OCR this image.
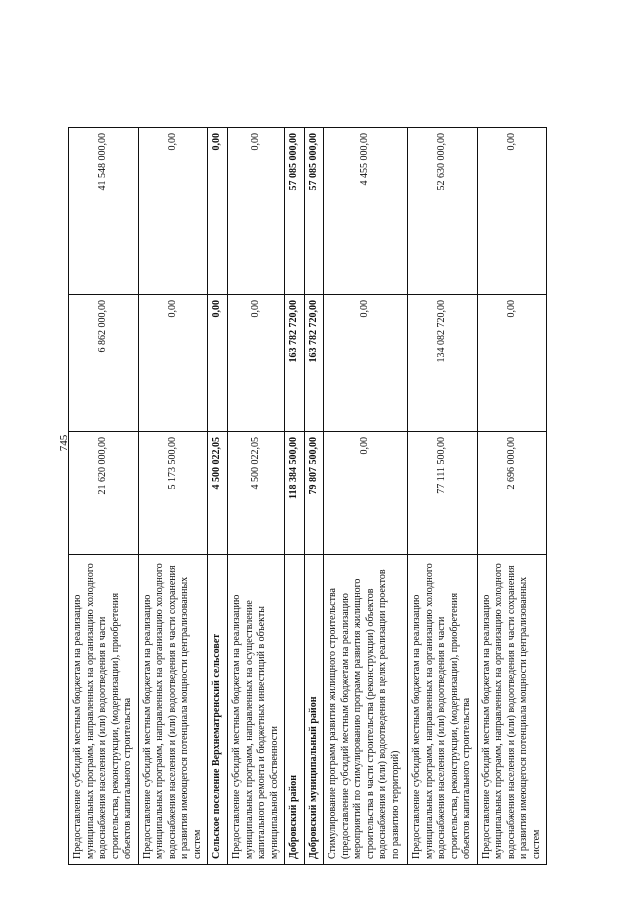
745
Предоставление субсидий местным бюджетам на реализацию муниципальных программ, направленных на организацию холодного водоснабжения населения и (или) водоотведения в части строительства, реконструкции, (модернизации), приобретения объектов капитального строительства	21 620 000,00	6 862 000,00	41 548 000,00
Предоставление субсидий местным бюджетам на реализацию муниципальных программ, направленных на организацию холодного водоснабжения населения и (или) водоотведения в части сохранения и развития имеющегося потенциала мощности централизованных систем	5 173 500,00	0,00	0,00
Сельское поселение Верхнематренский сельсовет	4 500 022,05	0,00	0,00
Предоставление субсидий местным бюджетам на реализацию муниципальных программ, направленных на осуществление капитального ремонта и бюджетных инвестиций в объекты муниципальной собственности	4 500 022,05	0,00	0,00
Добровский район	118 384 500,00	163 782 720,00	57 085 000,00
Добровский муниципальный район	79 807 500,00	163 782 720,00	57 085 000,00
Стимулирование программ развития жилищного строительства (предоставление субсидий местным бюджетам на реализацию мероприятий по стимулированию программ развития жилищного строительства в части строительства (реконструкции) объектов водоснабжения и (или) водоотведения в целях реализации проектов по развитию территорий)	0,00	0,00	4 455 000,00
Предоставление субсидий местным бюджетам на реализацию муниципальных программ, направленных на организацию холодного водоснабжения населения и (или) водоотведения в части строительства, реконструкции, (модернизации), приобретения объектов капитального строительства	77 111 500,00	134 082 720,00	52 630 000,00
Предоставление субсидий местным бюджетам на реализацию муниципальных программ, направленных на организацию холодного водоснабжения населения и (или) водоотведения в части сохранения и развития имеющегося потенциала мощности централизованных систем	2 696 000,00	0,00	0,00
